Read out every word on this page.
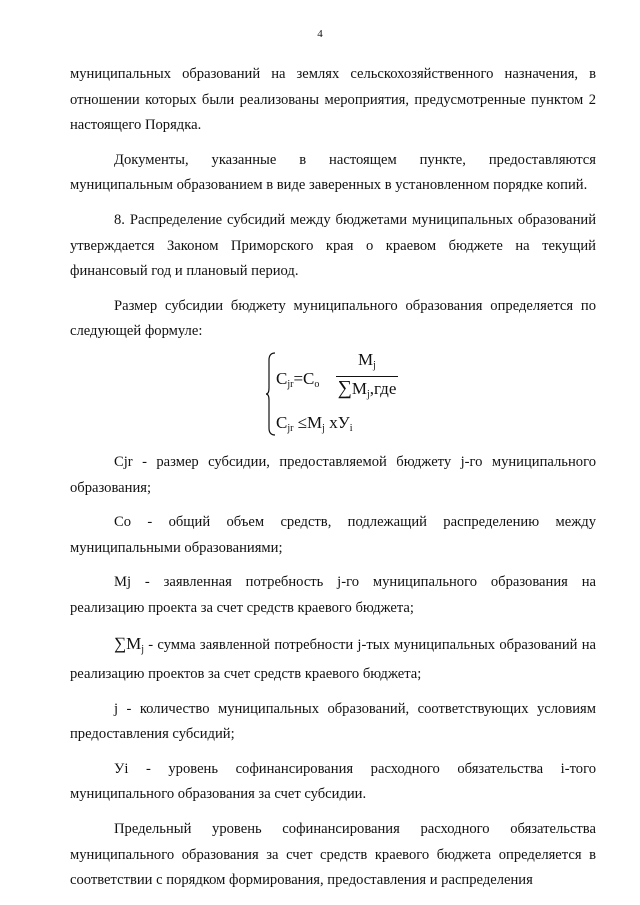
4

муниципальных образований на землях сельскохозяйственного назначения, в отношении которых были реализованы мероприятия, предусмотренные пунктом 2 настоящего Порядка.

Документы, указанные в настоящем пункте, предоставляются муниципальным образованием в виде заверенных в установленном порядке копий.

8. Распределение субсидий между бюджетами муниципальных образований утверждается Законом Приморского края о краевом бюджете на текущий финансовый год и плановый период.

Размер субсидии бюджету муниципального образования определяется по следующей формуле:

$C_{jr}=C_o$
$M_j$
$\sum M_j,где$
$C_{jr} \le M_j$ $xУ_i$

Cjr - размер субсидии, предоставляемой бюджету j-го муниципального образования;

Co - общий объем средств, подлежащий распределению между муниципальными образованиями;

Mj - заявленная потребность j-го муниципального образования на реализацию проекта за счет средств краевого бюджета;

$\sum M_j$ - сумма заявленной потребности j-тых муниципальных образований на реализацию проектов за счет средств краевого бюджета;

j - количество муниципальных образований, соответствующих условиям предоставления субсидий;

Уi - уровень софинансирования расходного обязательства i-того муниципального образования за счет субсидии.

Предельный уровень софинансирования расходного обязательства муниципального образования за счет средств краевого бюджета определяется в соответствии с порядком формирования, предоставления и распределения
